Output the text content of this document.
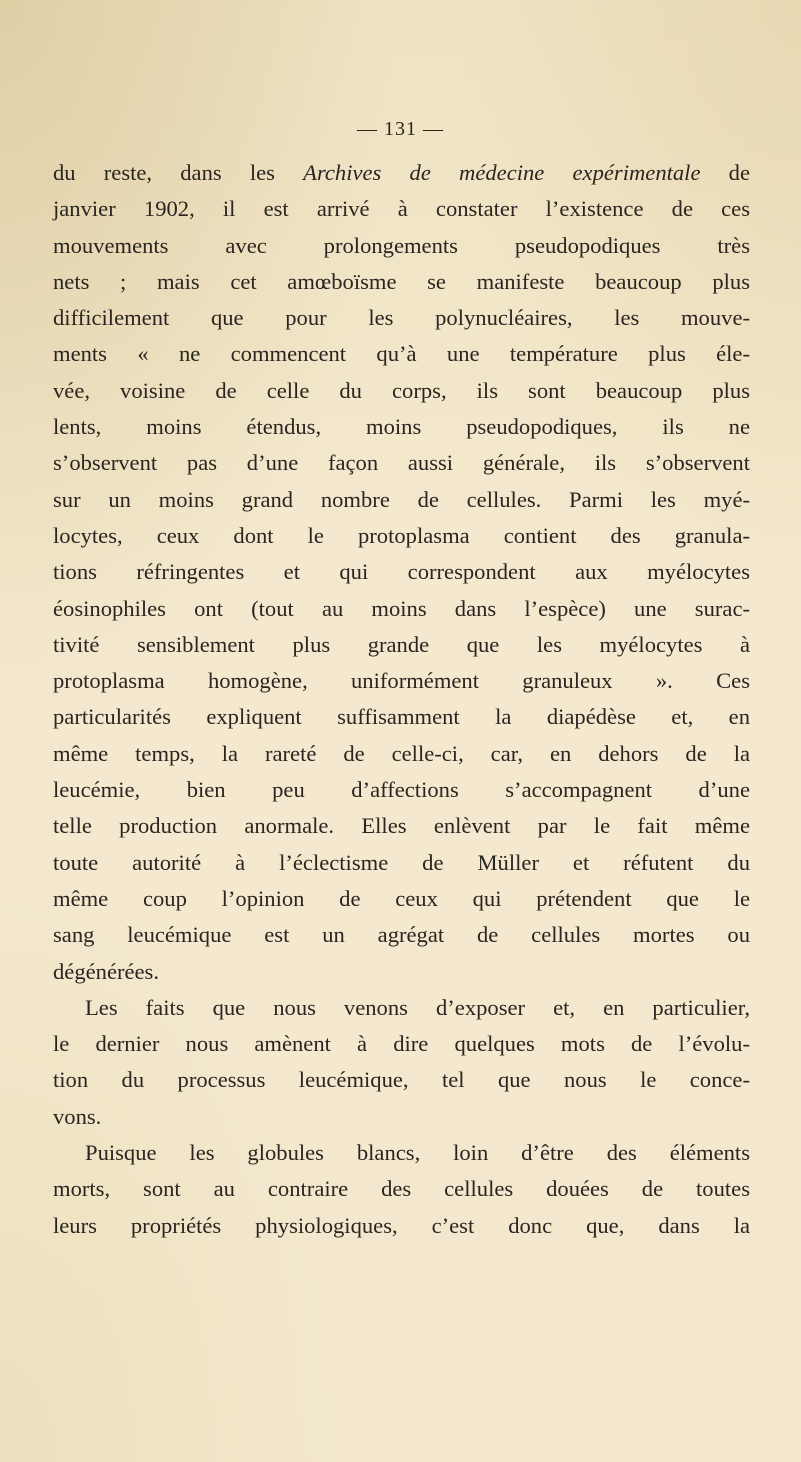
— 131 —
du reste, dans les Archives de médecine expérimentale de
janvier 1902, il est arrivé à constater l’existence de ces
mouvements avec prolongements pseudopodiques très
nets ; mais cet amœboïsme se manifeste beaucoup plus
difficilement que pour les polynucléaires, les mouve-
ments « ne commencent qu’à une température plus éle-
vée, voisine de celle du corps, ils sont beaucoup plus
lents, moins étendus, moins pseudopodiques, ils ne
s’observent pas d’une façon aussi générale, ils s’observent
sur un moins grand nombre de cellules. Parmi les myé-
locytes, ceux dont le protoplasma contient des granula-
tions réfringentes et qui correspondent aux myélocytes
éosinophiles ont (tout au moins dans l’espèce) une surac-
tivité sensiblement plus grande que les myélocytes à
protoplasma homogène, uniformément granuleux ». Ces
particularités expliquent suffisamment la diapédèse et, en
même temps, la rareté de celle-ci, car, en dehors de la
leucémie, bien peu d’affections s’accompagnent d’une
telle production anormale. Elles enlèvent par le fait même
toute autorité à l’éclectisme de Müller et réfutent du
même coup l’opinion de ceux qui prétendent que le
sang leucémique est un agrégat de cellules mortes ou
dégénérées.
Les faits que nous venons d’exposer et, en particulier,
le dernier nous amènent à dire quelques mots de l’évolu-
tion du processus leucémique, tel que nous le conce-
vons.
Puisque les globules blancs, loin d’être des éléments
morts, sont au contraire des cellules douées de toutes
leurs propriétés physiologiques, c’est donc que, dans la
